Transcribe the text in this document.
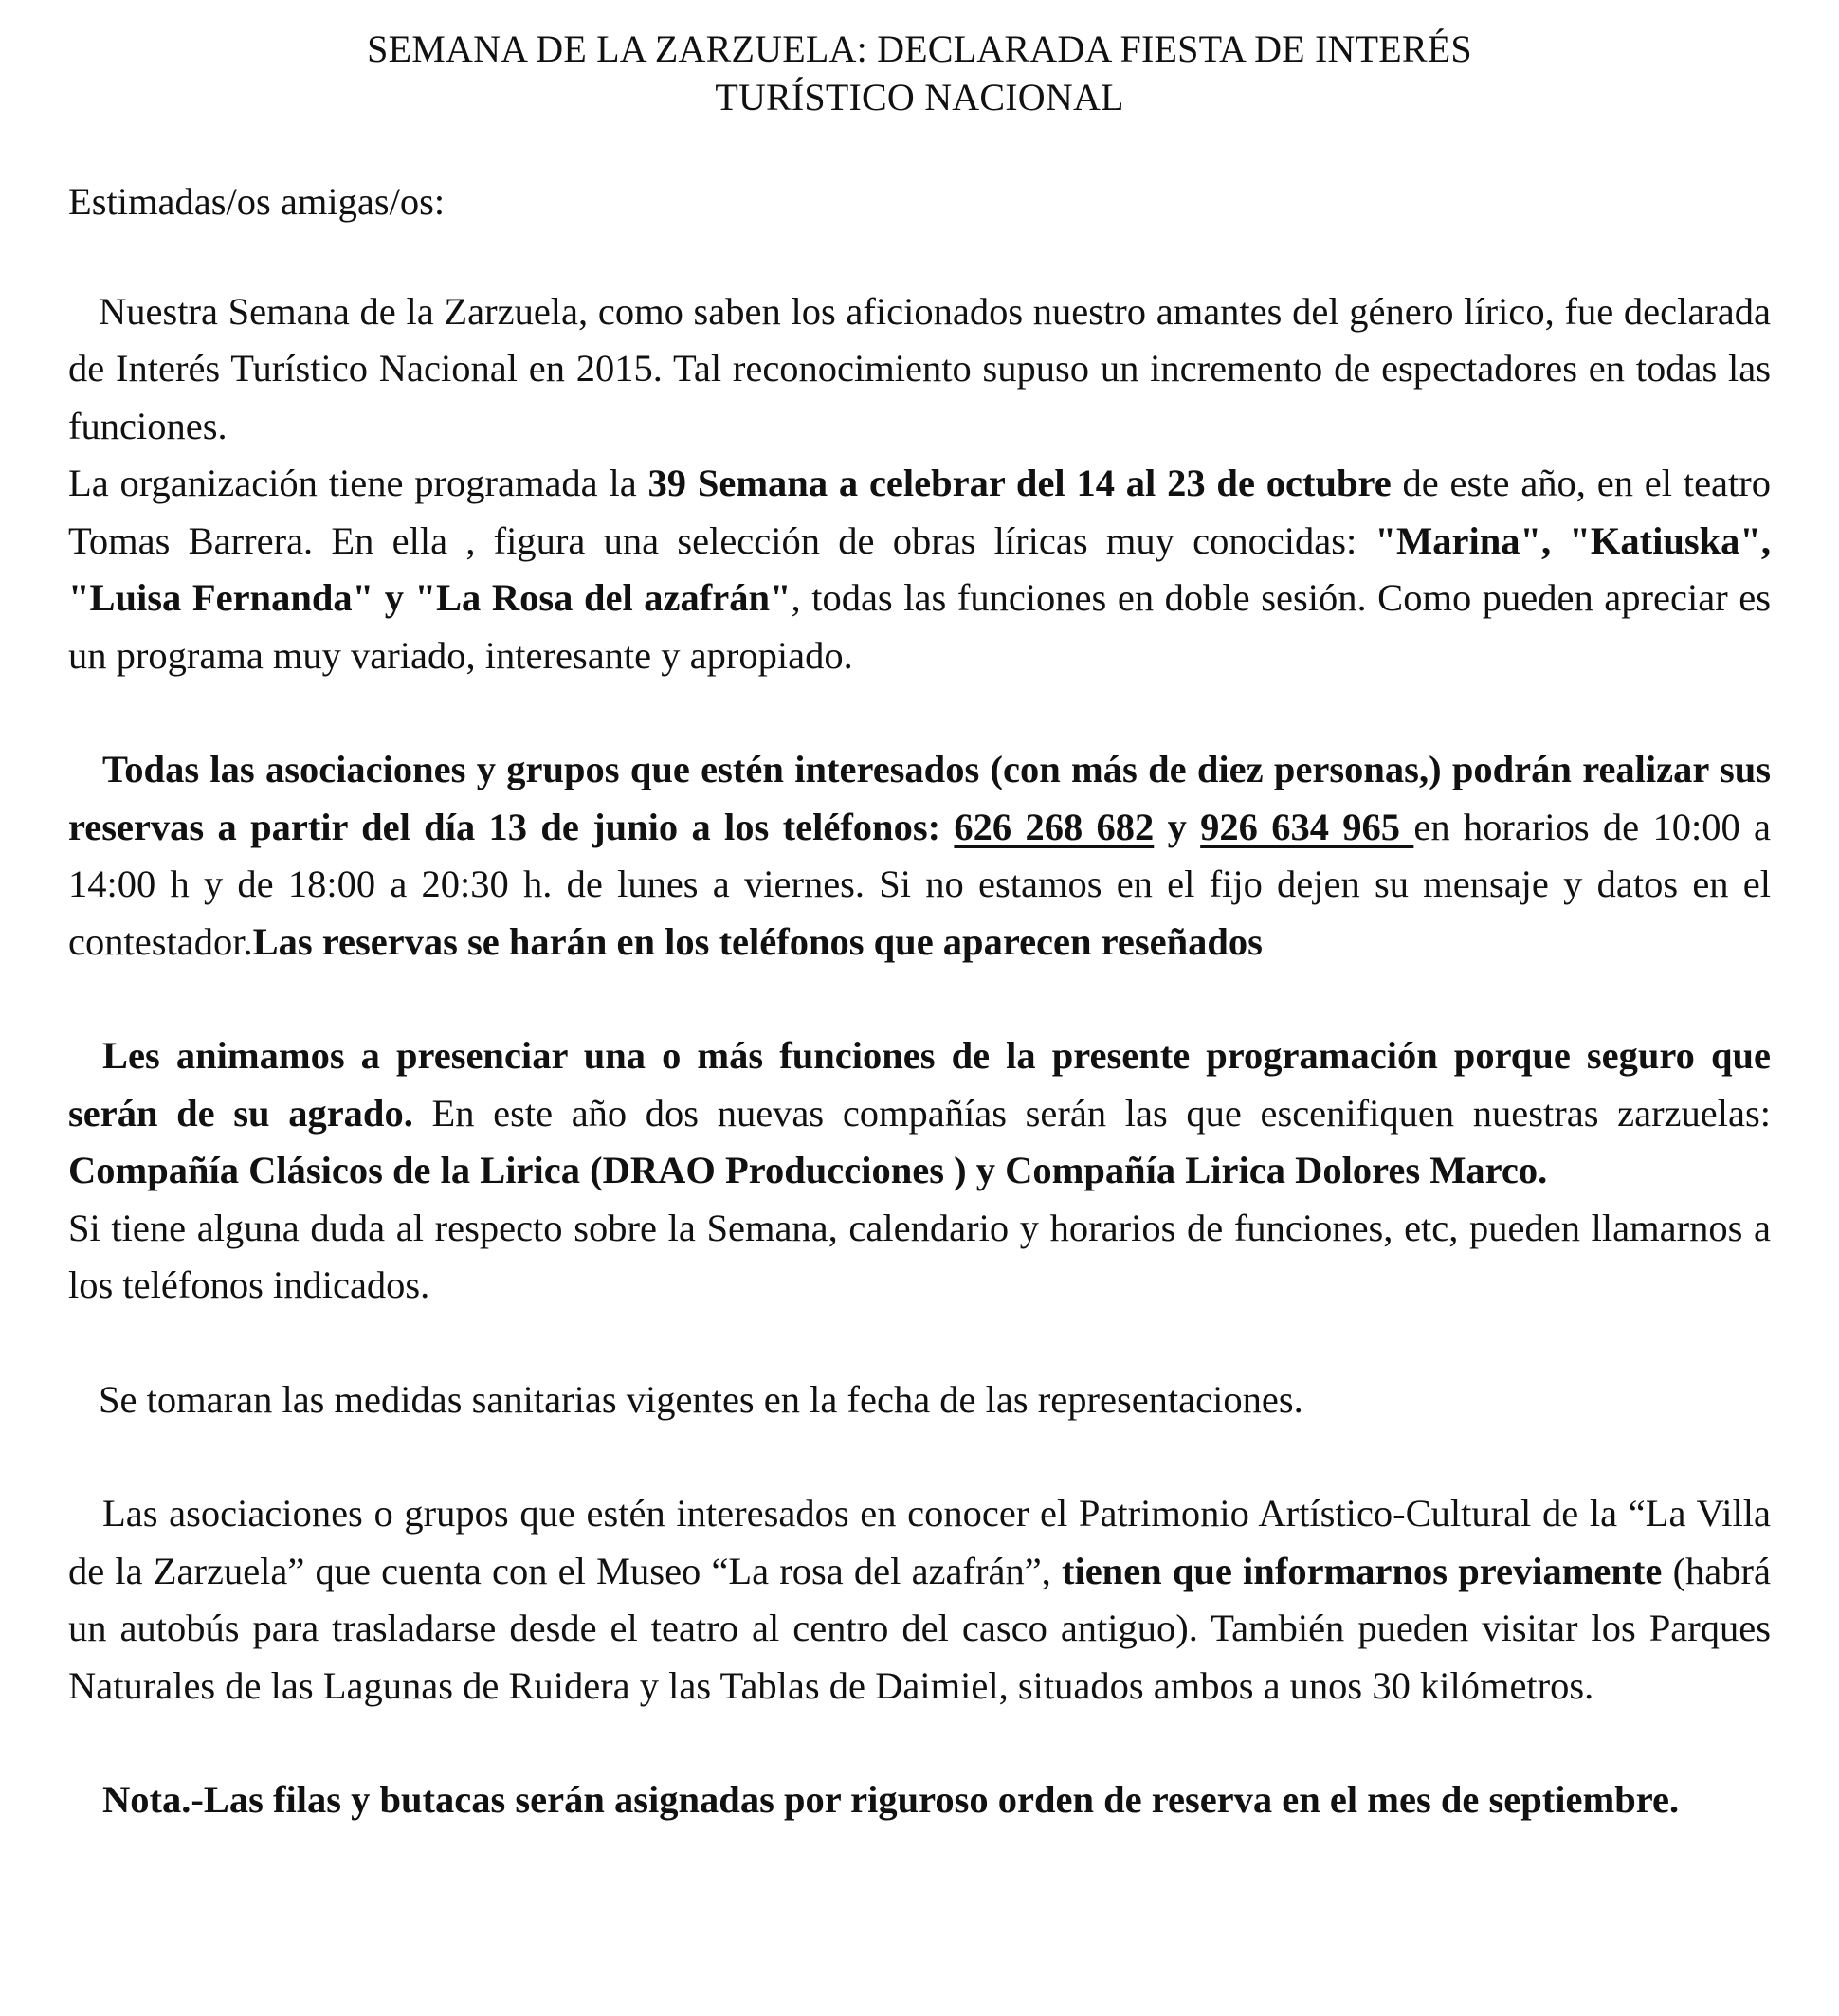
SEMANA DE LA ZARZUELA: DECLARADA FIESTA DE INTERÉS
TURÍSTICO NACIONAL

Estimadas/os amigas/os:

Nuestra Semana de la Zarzuela, como saben los aficionados nuestro amantes del género lírico, fue declarada de Interés Turístico Nacional en 2015. Tal reconocimiento supuso un incremento de espectadores en todas las funciones.

La organización tiene programada la 39 Semana a celebrar del 14 al 23 de octubre de este año, en el teatro Tomas Barrera. En ella , figura una selección de obras líricas muy conocidas: "Marina", "Katiuska", "Luisa Fernanda" y "La Rosa del azafrán", todas las funciones en doble sesión. Como pueden apreciar es un programa muy variado, interesante y apropiado.

Todas las asociaciones y grupos que estén interesados (con más de diez personas,) podrán realizar sus reservas a partir del día 13 de junio a los teléfonos: 626 268 682 y 926 634 965 en horarios de 10:00 a 14:00 h y de 18:00 a 20:30 h. de lunes a viernes. Si no estamos en el fijo dejen su mensaje y datos en el contestador.Las reservas se harán en los teléfonos que aparecen reseñados

Les animamos a presenciar una o más funciones de la presente programación porque seguro que serán de su agrado. En este año dos nuevas compañías serán las que escenifiquen nuestras zarzuelas: Compañía Clásicos de la Lirica (DRAO Producciones ) y Compañía Lirica Dolores Marco.

Si tiene alguna duda al respecto sobre la Semana, calendario y horarios de funciones, etc, pueden llamarnos a los teléfonos indicados.

Se tomaran las medidas sanitarias vigentes en la fecha de las representaciones.

Las asociaciones o grupos que estén interesados en conocer el Patrimonio Artístico-Cultural de la “La Villa de la Zarzuela” que cuenta con el Museo “La rosa del azafrán”, tienen que informarnos previamente (habrá un autobús para trasladarse desde el teatro al centro del casco antiguo). También pueden visitar los Parques Naturales de las Lagunas de Ruidera y las Tablas de Daimiel, situados ambos a unos 30 kilómetros.

Nota.-Las filas y butacas serán asignadas por riguroso orden de reserva en el mes de septiembre.
